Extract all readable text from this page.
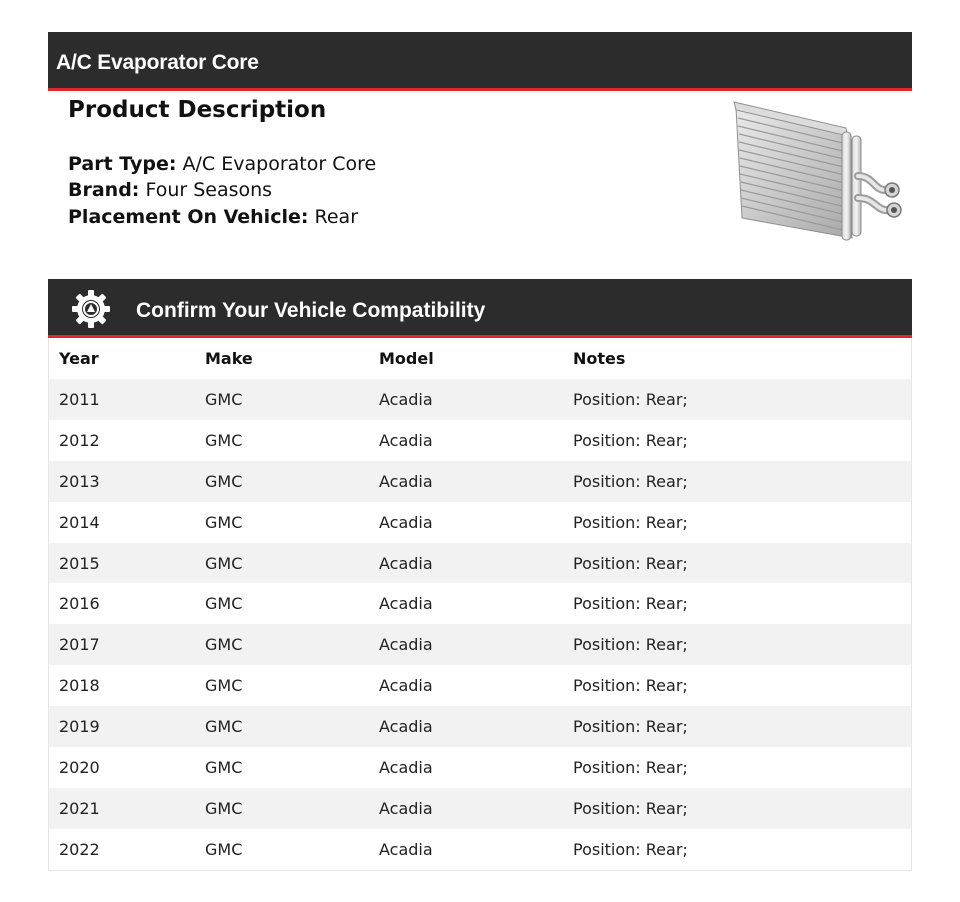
A/C Evaporator Core
Product Description
Part Type: A/C Evaporator Core
Brand: Four Seasons
Placement On Vehicle: Rear
Confirm Your Vehicle Compatibility
Year	Make	Model	Notes
2011	GMC	Acadia	Position: Rear;
2012	GMC	Acadia	Position: Rear;
2013	GMC	Acadia	Position: Rear;
2014	GMC	Acadia	Position: Rear;
2015	GMC	Acadia	Position: Rear;
2016	GMC	Acadia	Position: Rear;
2017	GMC	Acadia	Position: Rear;
2018	GMC	Acadia	Position: Rear;
2019	GMC	Acadia	Position: Rear;
2020	GMC	Acadia	Position: Rear;
2021	GMC	Acadia	Position: Rear;
2022	GMC	Acadia	Position: Rear;
